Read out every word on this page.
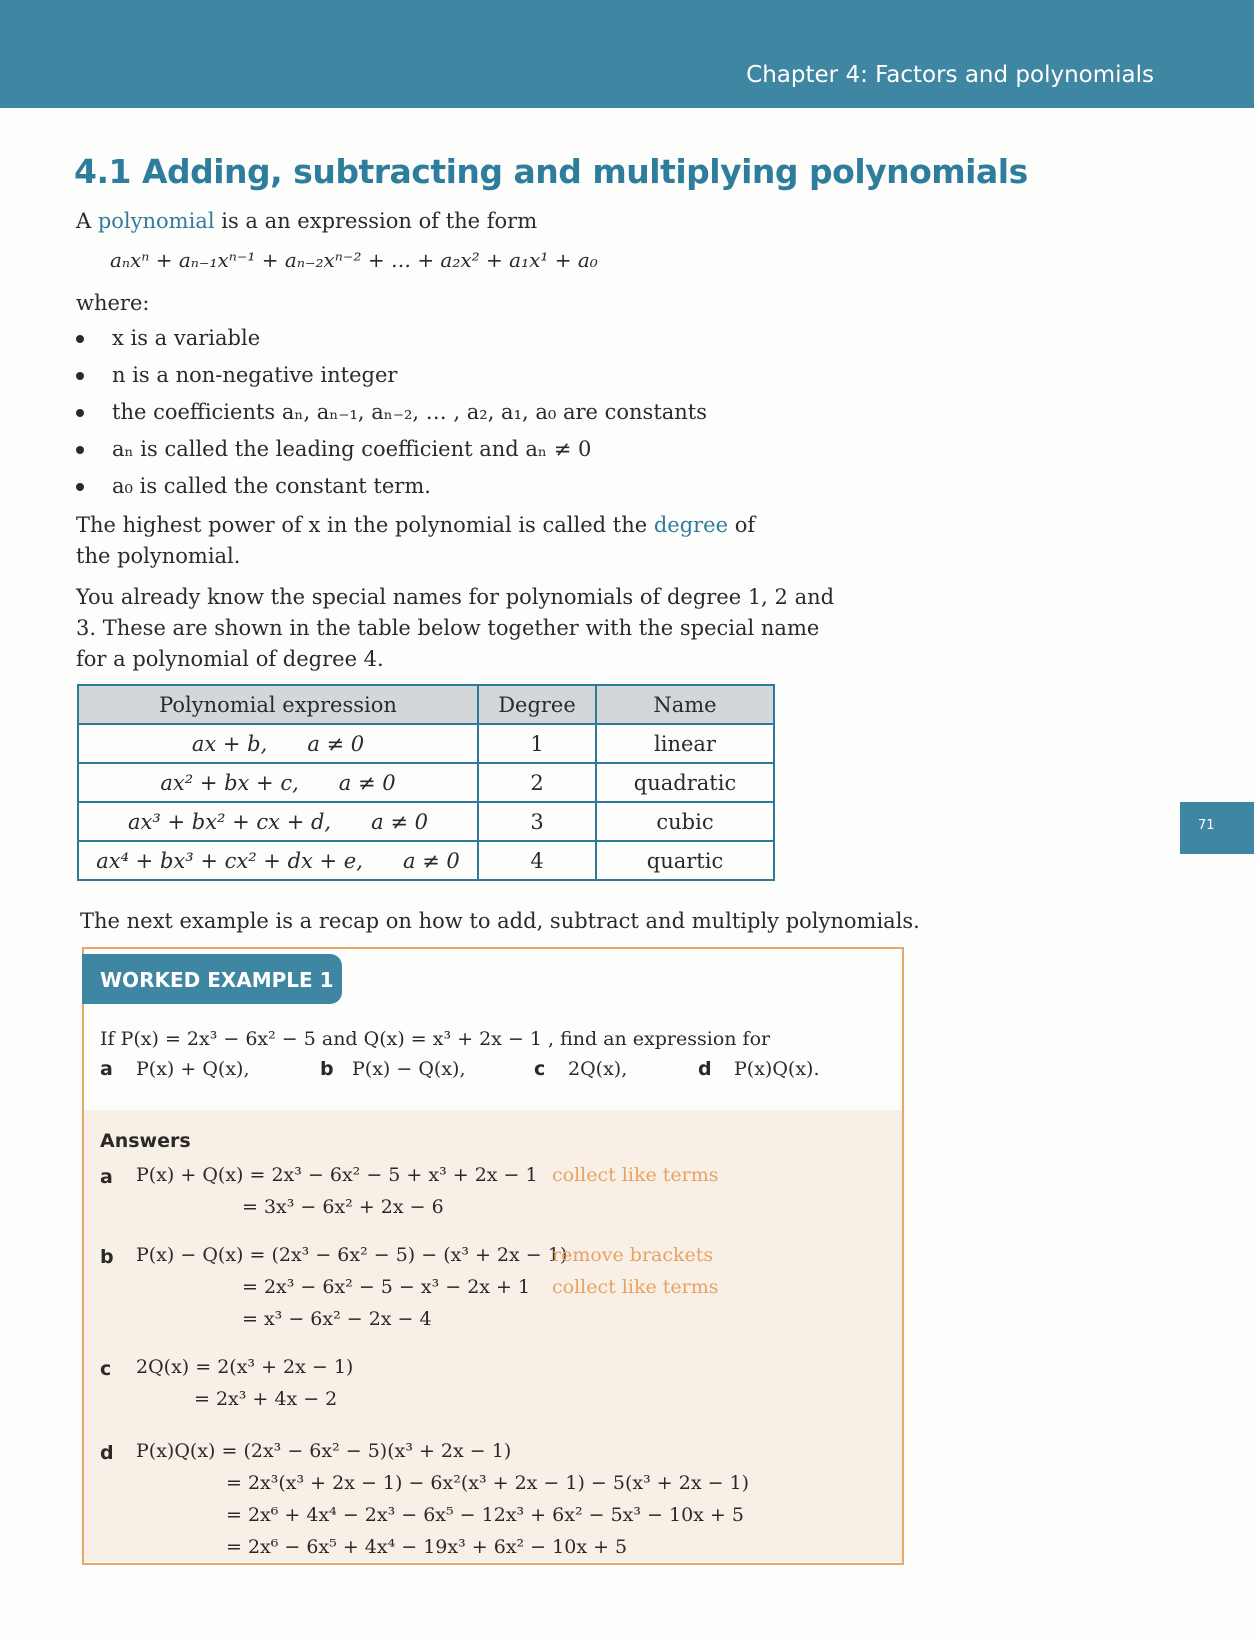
Chapter 4: Factors and polynomials
4.1 Adding, subtracting and multiplying polynomials
A polynomial is a an expression of the form
aₙxⁿ + aₙ₋₁xⁿ⁻¹ + aₙ₋₂xⁿ⁻² + … + a₂x² + a₁x¹ + a₀
where:
x is a variable
n is a non-negative integer
the coefficients aₙ, aₙ₋₁, aₙ₋₂, … , a₂, a₁, a₀ are constants
aₙ is called the leading coefficient and aₙ ≠ 0
a₀ is called the constant term.
The highest power of x in the polynomial is called the degree of the polynomial.
You already know the special names for polynomials of degree 1, 2 and 3. These are shown in the table below together with the special name for a polynomial of degree 4.
Polynomial expression	Degree	Name
ax + b,      a ≠ 0	1	linear
ax² + bx + c,      a ≠ 0	2	quadratic
ax³ + bx² + cx + d,      a ≠ 0	3	cubic
ax⁴ + bx³ + cx² + dx + e,      a ≠ 0	4	quartic
71
The next example is a recap on how to add, subtract and multiply polynomials.
WORKED EXAMPLE 1
If P(x) = 2x³ − 6x² − 5 and Q(x) = x³ + 2x − 1 , find an expression for
a P(x) + Q(x),	b P(x) − Q(x),	c 2Q(x),	d P(x)Q(x).
Answers
a P(x) + Q(x) = 2x³ − 6x² − 5 + x³ + 2x − 1
= 3x³ − 6x² + 2x − 6
collect like terms
b P(x) − Q(x) = (2x³ − 6x² − 5) − (x³ + 2x − 1)
= 2x³ − 6x² − 5 − x³ − 2x + 1
= x³ − 6x² − 2x − 4
remove brackets
collect like terms
c 2Q(x) = 2(x³ + 2x − 1)
= 2x³ + 4x − 2
d P(x)Q(x) = (2x³ − 6x² − 5)(x³ + 2x − 1)
= 2x³(x³ + 2x − 1) − 6x²(x³ + 2x − 1) − 5(x³ + 2x − 1)
= 2x⁶ + 4x⁴ − 2x³ − 6x⁵ − 12x³ + 6x² − 5x³ − 10x + 5
= 2x⁶ − 6x⁵ + 4x⁴ − 19x³ + 6x² − 10x + 5
